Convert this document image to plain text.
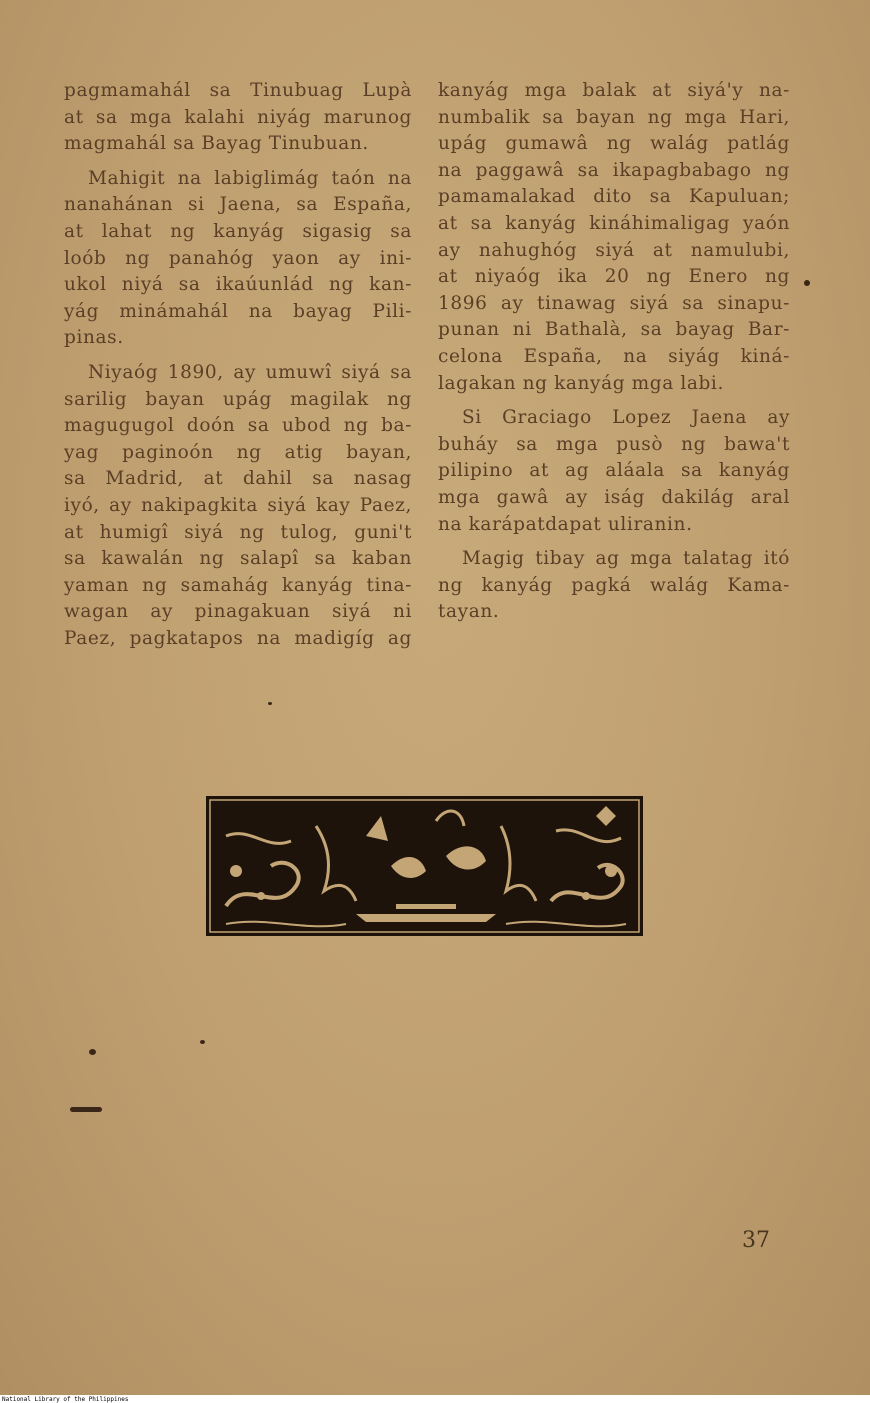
pagmamahál sa Tinubuag Lupà
at sa mga kalahi niyág marunog
magmahál sa Bayag Tinubuan.

Mahigit na labiglimág taón na
nanahánan si Jaena, sa España,
at lahat ng kanyág sigasig sa
loób ng panahóg yaon ay ini-
ukol niyá sa ikaúunlád ng kan-
yág minámahál na bayag Pili-
pinas.

Niyaóg 1890, ay umuwî siyá sa
sarilig bayan upág magilak ng
magugugol doón sa ubod ng ba-
yag paginoón ng atig bayan,
sa Madrid, at dahil sa nasag
iyó, ay nakipagkita siyá kay Paez,
at humigî siyá ng tulog, guni't
sa kawalán ng salapî sa kaban
yaman ng samahág kanyág tina-
wagan ay pinagakuan siyá ni
Paez, pagkatapos na madigíg ag

kanyág mga balak at siyá'y na-
numbalik sa bayan ng mga Hari,
upág gumawâ ng walág patlág
na paggawâ sa ikapagbabago ng
pamamalakad dito sa Kapuluan;
at sa kanyág kináhimaligag yaón
ay nahughóg siyá at namulubi,
at niyaóg ika 20 ng Enero ng
1896 ay tinawag siyá sa sinapu-
punan ni Bathalà, sa bayag Bar-
celona España, na siyág kiná-
lagakan ng kanyág mga labi.

Si Graciago Lopez Jaena ay
buháy sa mga pusò ng bawa't
pilipino at ag aláala sa kanyág
mga gawâ ay iság dakilág aral
na karápatdapat uliranin.

Magig tibay ag mga talatag itó
ng kanyág pagká walág Kama-
tayan.

37
National Library of the Philippines
